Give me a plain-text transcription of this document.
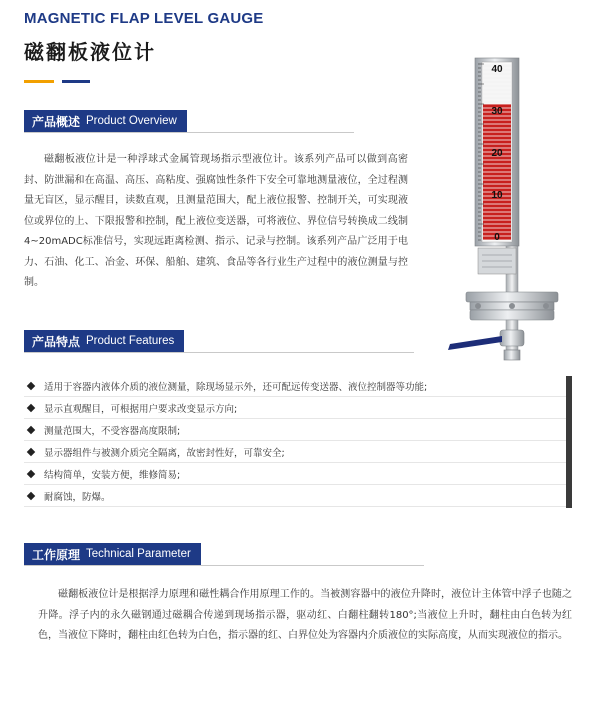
MAGNETIC FLAP LEVEL GAUGE
磁翻板液位计
产品概述 Product Overview

磁翻板液位计是一种浮球式金属管现场指示型液位计。该系列产品可以做到高密封、防泄漏和在高温、高压、高粘度、强腐蚀性条件下安全可靠地测量液位，全过程测量无盲区，显示醒目，读数直观，且测量范围大，配上液位报警、控制开关，可实现液位或界位的上、下限报警和控制，配上液位变送器，可将液位、界位信号转换成二线制4~20mADC标准信号，实现远距离检测、指示、记录与控制。该系列产品广泛用于电力、石油、化工、冶金、环保、船舶、建筑、食品等各行业生产过程中的液位测量与控制。

40
30
20
10
0
产品特点 Product Features
适用于容器内液体介质的液位测量，除现场显示外，还可配远传变送器、液位控制器等功能;
显示直观醒目，可根据用户要求改变显示方向;
测量范围大，不受容器高度限制;
显示器组件与被测介质完全隔离，故密封性好，可靠安全;
结构简单，安装方便，维修简易;
耐腐蚀，防爆。
工作原理 Technical Parameter

磁翻板液位计是根据浮力原理和磁性耦合作用原理工作的。当被测容器中的液位升降时，液位计主体管中浮子也随之升降。浮子内的永久磁钢通过磁耦合传递到现场指示器，驱动红、白翻柱翻转180°;当液位上升时，翻柱由白色转为红色，当液位下降时，翻柱由红色转为白色，指示器的红、白界位处为容器内介质液位的实际高度，从而实现液位的指示。
